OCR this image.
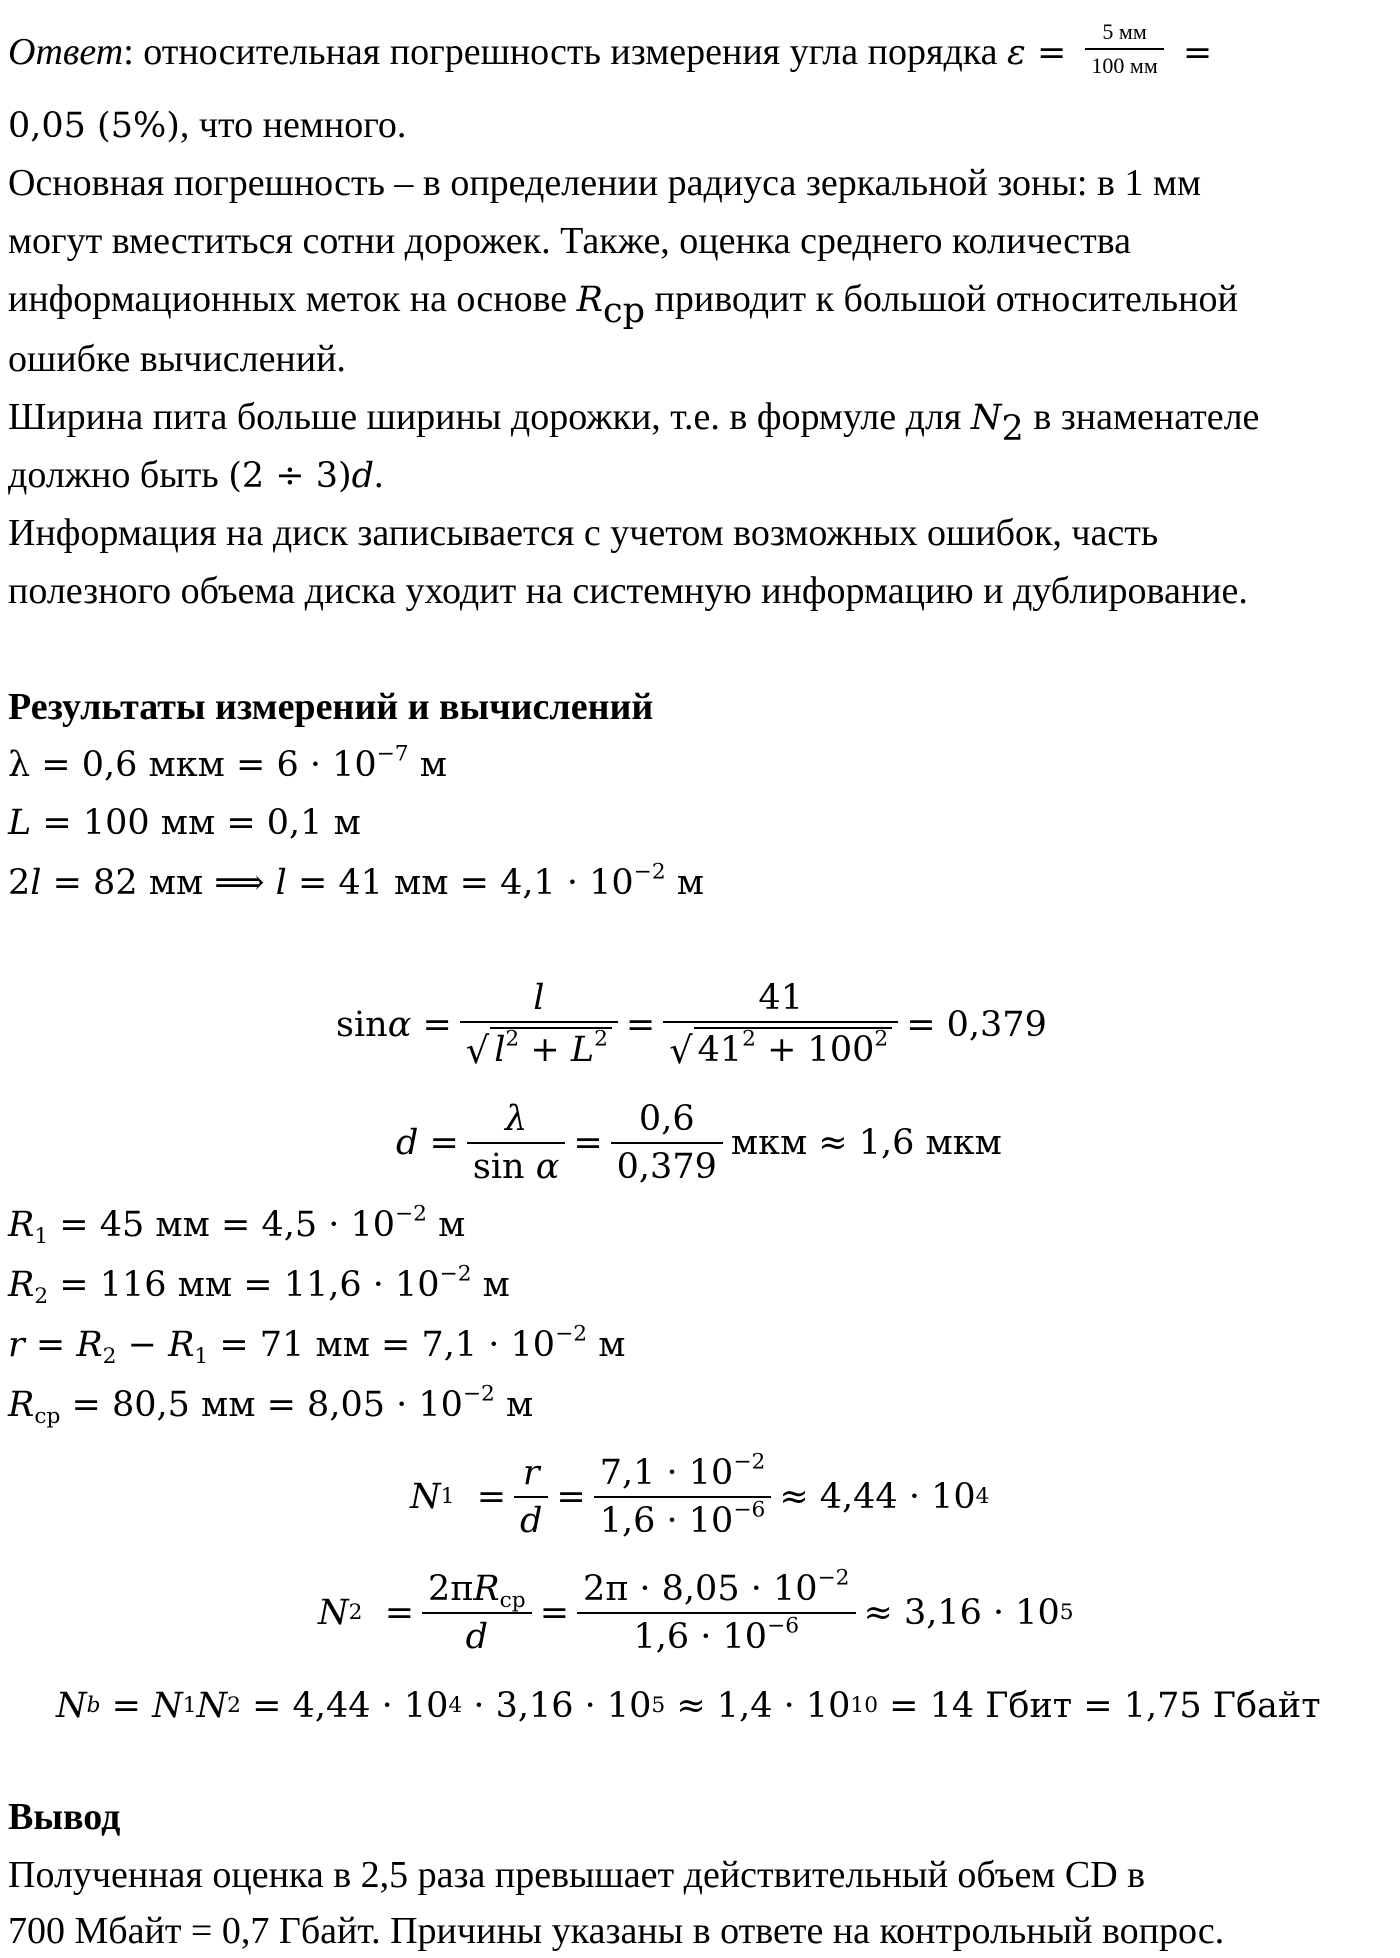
Ответ: относительная погрешность измерения угла порядка $\varepsilon = \frac{5 мм}{100 мм}$ =
0,05 (5%), что немного.
Основная погрешность – в определении радиуса зеркальной зоны: в 1 мм
могут вместиться сотни дорожек. Также, оценка среднего количества
информационных меток на основе $R_{ср}$ приводит к большой относительной
ошибке вычислений.
Ширина пита больше ширины дорожки, т.е. в формуле для $N_2$ в знаменателе
должно быть (2 ÷ 3)d.
Информация на диск записывается с учетом возможных ошибок, часть
полезного объема диска уходит на системную информацию и дублирование.
Результаты измерений и вычислений
λ = 0,6 мкм = $6 \cdot 10^{-7}$ м
L = 100 мм = 0,1 м
2l = 82 мм ⟹ l = 41 мм = $4,1 \cdot 10^{-2}$ м
$\sin \alpha = \frac{l}{√ l^2 + L^2} = \frac{41}{√ 41^2 + 100^2} = 0,379$
$d = \frac{\lambda}{\text{sin α}} = \frac{0,6}{0,379}$ мкм ≈ 1,6 мкм
$R_1 = 45$ мм = $4,5 \cdot 10^{-2}$ м
$R_2 = 116$ мм = $11,6 \cdot 10^{-2}$ м
$r = R_2 - R_1 = 71$ мм = $7,1 \cdot 10^{-2}$ м
$R_{ср} = 80,5$ мм = $8,05 \cdot 10^{-2}$ м
N $1 = \frac{r}{d} = \frac{7,1 \cdot 10^{-2}}{1,6 \cdot 10^{-6}} \approx 4,44 \cdot 10$ 4
N $2 = \frac{2\pi R_{ср}}{d} = \frac{2\pi \cdot 8,05 \cdot 10^{-2}}{1,6 \cdot 10^{-6}} \approx 3,16 \cdot 10$ 5
N b = N 1 N 2 = 4,44 · 10 4 · 3,16 · 10 5 ≈ 1,4 · 10 10 = 14 Гбит = 1,75 Гбайт
Вывод
Полученная оценка в 2,5 раза превышает действительный объем CD в
700 Мбайт = 0,7 Гбайт. Причины указаны в ответе на контрольный вопрос.
